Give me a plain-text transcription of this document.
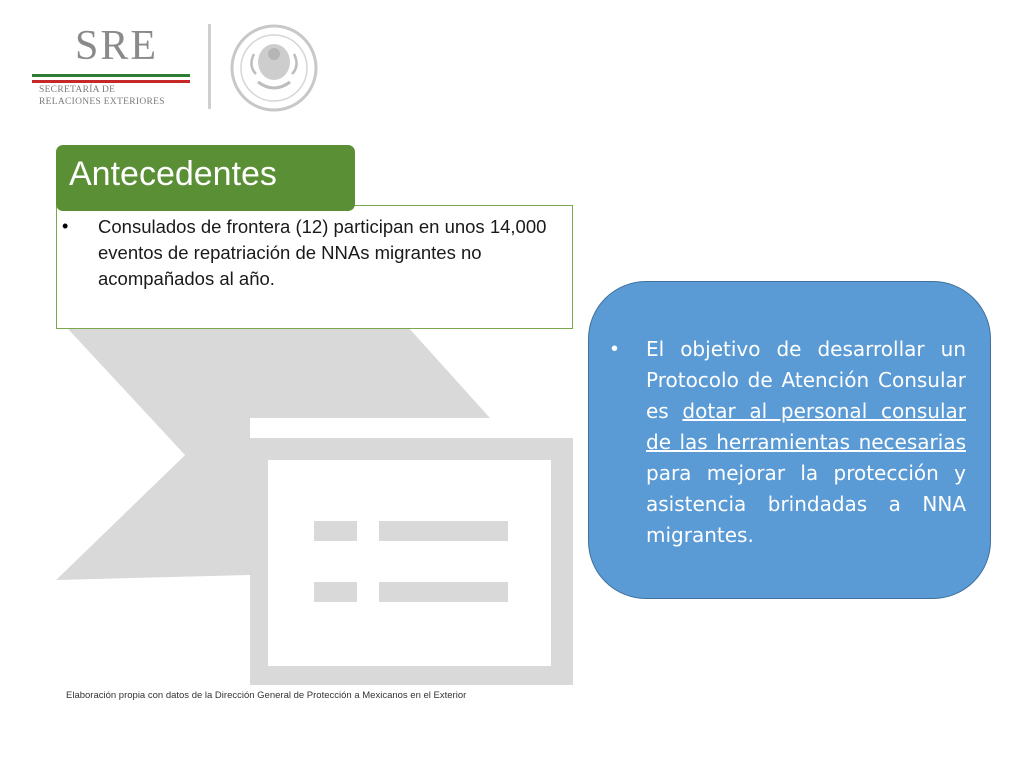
SRE
SECRETARÍA DE
RELACIONES EXTERIORES
•	Consulados de frontera (12) participan en unos 14,000 eventos de repatriación de NNAs migrantes no acompañados al año.
Antecedentes
• El objetivo de desarrollar un Protocolo de Atención Consular es dotar al personal consular de las herramientas necesarias para mejorar la protección y asistencia brindadas a NNA migrantes.
Elaboración propia con datos de la Dirección General de Protección a Mexicanos en el Exterior
